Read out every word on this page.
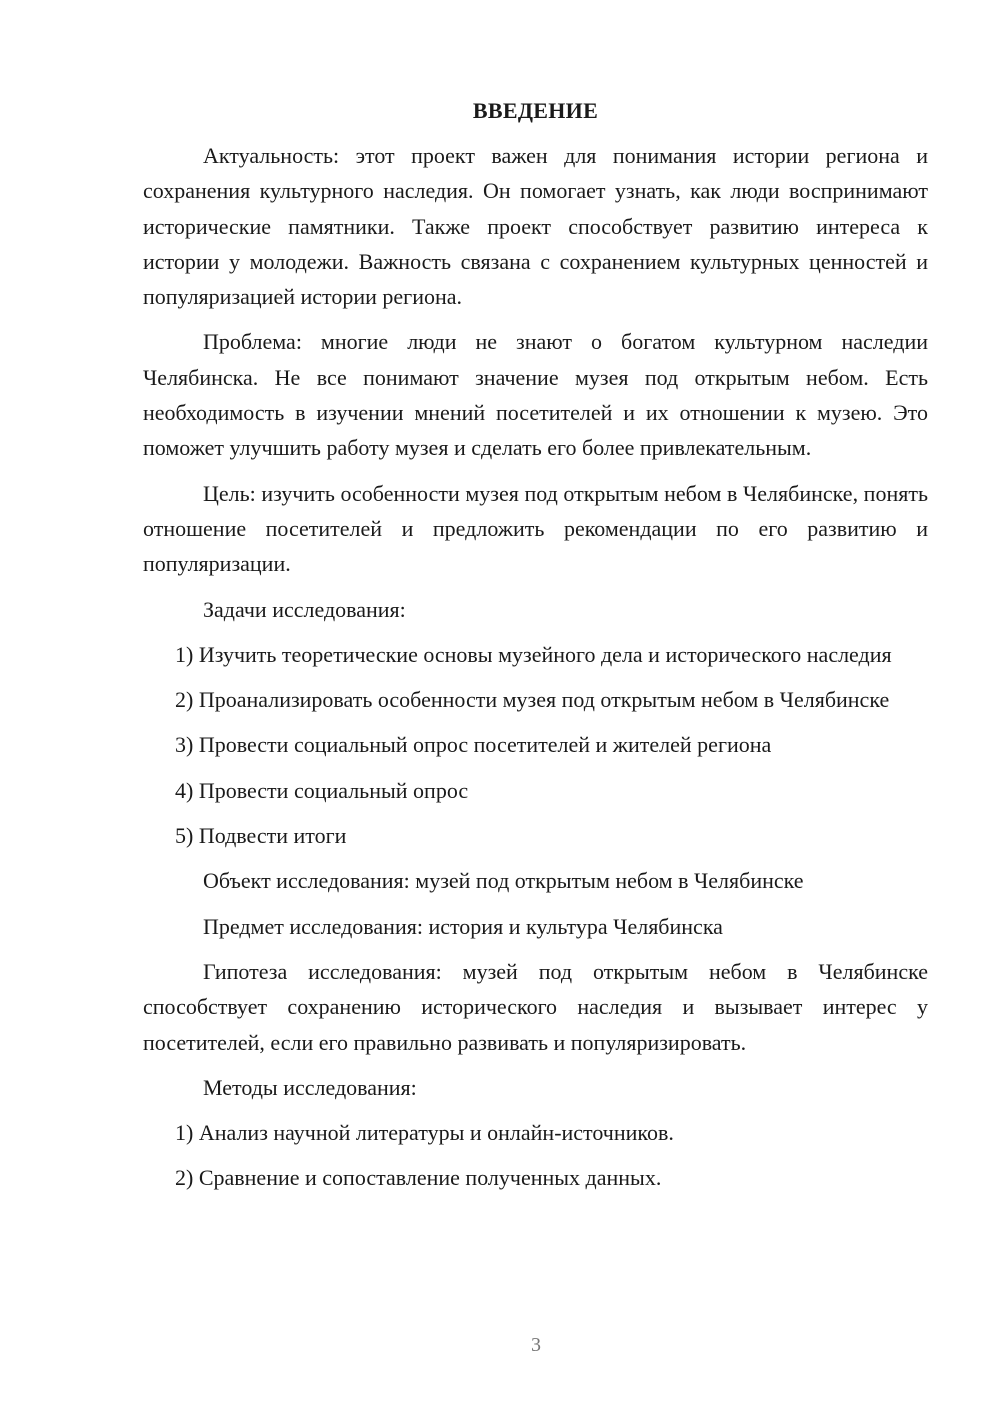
ВВЕДЕНИЕ

Актуальность: этот проект важен для понимания истории региона и сохранения культурного наследия. Он помогает узнать, как люди воспринимают исторические памятники. Также проект способствует развитию интереса к истории у молодежи. Важность связана с сохранением культурных ценностей и популяризацией истории региона.

Проблема: многие люди не знают о богатом культурном наследии Челябинска. Не все понимают значение музея под открытым небом. Есть необходимость в изучении мнений посетителей и их отношении к музею. Это поможет улучшить работу музея и сделать его более привлекательным.

Цель: изучить особенности музея под открытым небом в Челябинске, понять отношение посетителей и предложить рекомендации по его развитию и популяризации.

Задачи исследования:

1) Изучить теоретические основы музейного дела и исторического наследия

2) Проанализировать особенности музея под открытым небом в Челябинске

3) Провести социальный опрос посетителей и жителей региона

4) Провести социальный опрос

5) Подвести итоги

Объект исследования: музей под открытым небом в Челябинске

Предмет исследования: история и культура Челябинска

Гипотеза исследования: музей под открытым небом в Челябинске способствует сохранению исторического наследия и вызывает интерес у посетителей, если его правильно развивать и популяризировать.

Методы исследования:

1) Анализ научной литературы и онлайн-источников.

2) Сравнение и сопоставление полученных данных.

3
